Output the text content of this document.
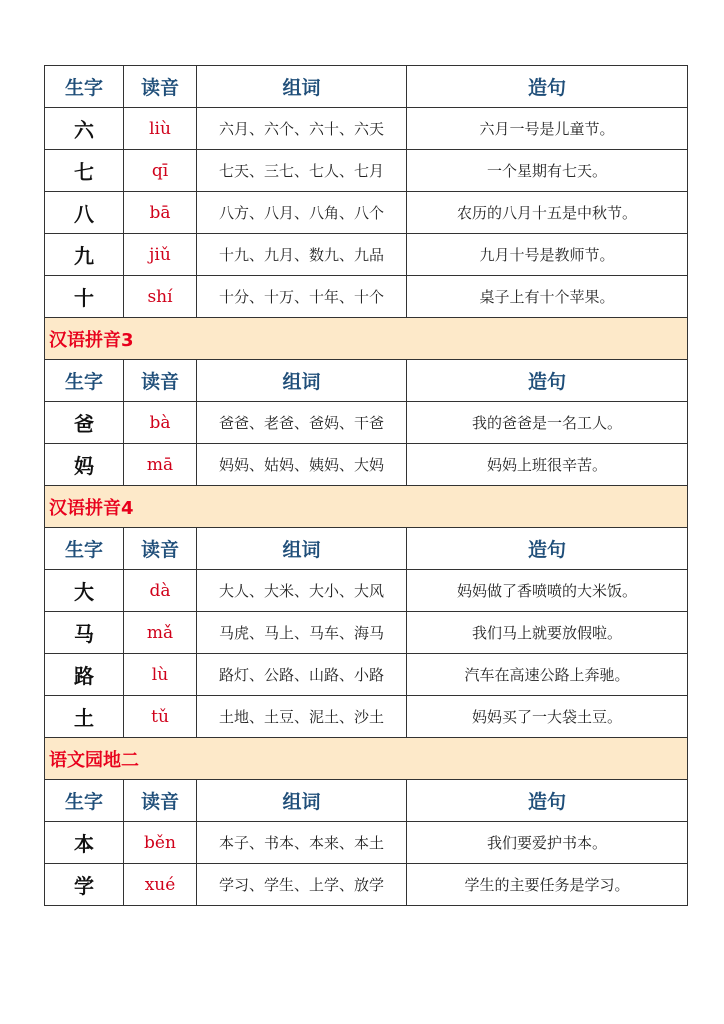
生字	读音	组词	造句
六	liù	六月、六个、六十、六天	六月一号是儿童节。
七	qī	七天、三七、七人、七月	一个星期有七天。
八	bā	八方、八月、八角、八个	农历的八月十五是中秋节。
九	jiǔ	十九、九月、数九、九品	九月十号是教师节。
十	shí	十分、十万、十年、十个	桌子上有十个苹果。
汉语拼音3			
生字	读音	组词	造句
爸	bà	爸爸、老爸、爸妈、干爸	我的爸爸是一名工人。
妈	mā	妈妈、姑妈、姨妈、大妈	妈妈上班很辛苦。
汉语拼音4			
生字	读音	组词	造句
大	dà	大人、大米、大小、大风	妈妈做了香喷喷的大米饭。
马	mǎ	马虎、马上、马车、海马	我们马上就要放假啦。
路	lù	路灯、公路、山路、小路	汽车在高速公路上奔驰。
土	tǔ	土地、土豆、泥土、沙土	妈妈买了一大袋土豆。
语文园地二			
生字	读音	组词	造句
本	běn	本子、书本、本来、本土	我们要爱护书本。
学	xué	学习、学生、上学、放学	学生的主要任务是学习。
